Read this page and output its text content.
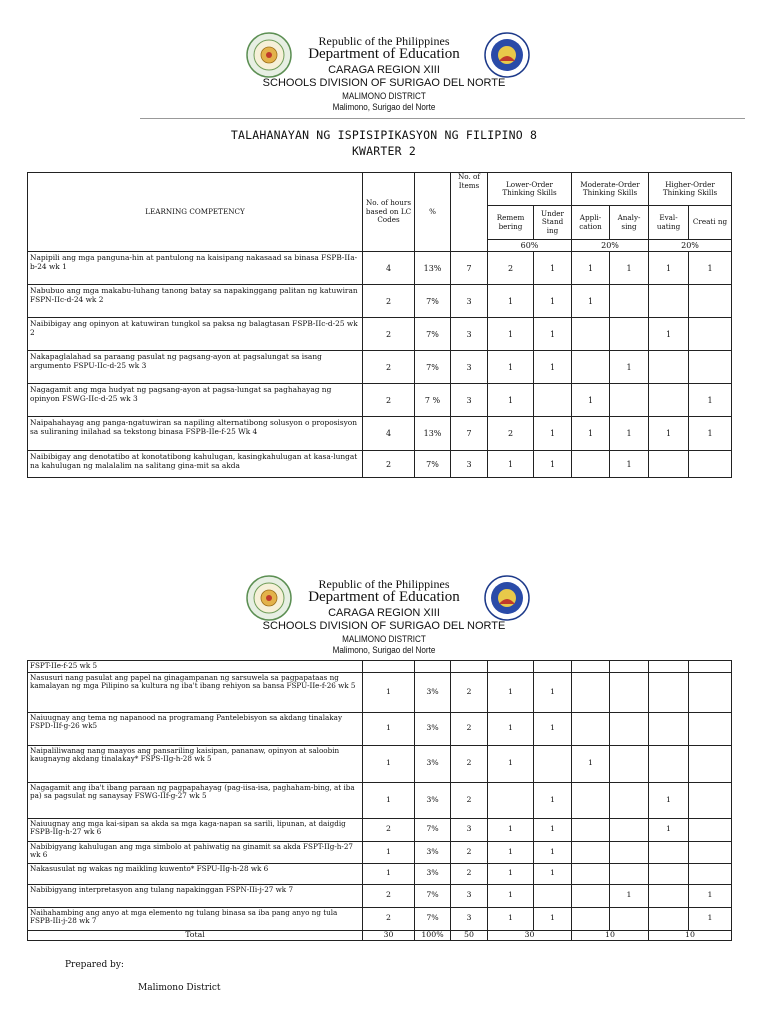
Republic of the Philippines
Department of Education
CARAGA REGION XIII
SCHOOLS DIVISION OF SURIGAO DEL NORTE
MALIMONO DISTRICT
Malimono, Surigao del Norte
TALAHANAYAN NG ISPISIPIKASYON NG FILIPINO 8
KWARTER 2
LEARNING COMPETENCY	No. of hours based on LC Codes	%	No. of Items	Lower-Order Thinking Skills		Moderate-Order Thinking Skills		Higher-Order Thinking Skills	
				Remem bering	Under Stand ing	Appli- cation	Analy- sing	Eval- uating	Creati ng
				60%		20%		20%	
Napipili ang mga panguna-hin at pantulong na kaisipang nakasaad sa binasa FSPB-IIa-b-24 wk 1	4	13%	7	2	1	1	1	1	1
Nabubuo ang mga makabu-luhang tanong batay sa napakinggang palitan ng katuwiran FSPN-IIc-d-24 wk 2	2	7%	3	1	1	1			
Naibibigay ang opinyon at katuwiran tungkol sa paksa ng balagtasan FSPB-IIc-d-25 wk 2	2	7%	3	1	1			1	
Nakapaglalahad sa paraang pasulat ng pagsang-ayon at pagsalungat sa isang argumento FSPU-IIc-d-25 wk 3	2	7%	3	1	1		1		
Nagagamit ang mga hudyat ng pagsang-ayon at pagsa-lungat sa paghahayag ng opinyon FSWG-IIc-d-25 wk 3	2	7 %	3	1		1			1
Naipahahayag ang panga-ngatuwiran sa napiling alternatibong solusyon o proposisyon sa suliraning inilahad sa tekstong binasa FSPB-IIe-f-25 Wk 4	4	13%	7	2	1	1	1	1	1
Naibibigay ang denotatibo at konotatibong kahulugan, kasingkahulugan at kasa-lungat na kahulugan ng malalalim na salitang gina-mit sa akda	2	7%	3	1	1		1		
Republic of the Philippines
Department of Education
CARAGA REGION XIII
SCHOOLS DIVISION OF SURIGAO DEL NORTE
MALIMONO DISTRICT
Malimono, Surigao del Norte
FSPT-IIe-f-25 wk 5									
Nasusuri nang pasulat ang papel na ginagampanan ng sarsuwela sa pagpapataas ng kamalayan ng mga Pilipino sa kultura ng iba't ibang rehiyon sa bansa FSPU-IIe-f-26 wk 5	1	3%	2	1	1				
Naiuugnay ang tema ng napanood na programang Pantelebisyon sa akdang tinalakay FSPD-IIf-g-26 wk5	1	3%	2	1	1				
Naipaliliwanag nang maayos ang pansariling kaisipan, pananaw, opinyon at saloobin kaugnayng akdang tinalakay* FSPS-IIg-h-28 wk 5	1	3%	2	1		1			
Nagagamit ang iba't ibang paraan ng pagpapahayag (pag-iisa-isa, paghaham-bing, at iba pa) sa pagsulat ng sanaysay FSWG-IIf-g-27 wk 5	1	3%	2		1			1	
Naiuugnay ang mga kai-sipan sa akda sa mga kaga-napan sa sarili, lipunan, at daigdig FSPB-IIg-h-27 wk 6	2	7%	3	1	1			1	
Nabibigyang kahulugan ang mga simbolo at pahiwatig na ginamit sa akda FSPT-IIg-h-27 wk 6	1	3%	2	1	1				
Nakasusulat ng wakas ng maikling kuwento* FSPU-IIg-h-28 wk 6	1	3%	2	1	1				
Nabibigyang interpretasyon ang tulang napakinggan FSPN-IIi-j-27 wk 7	2	7%	3	1			1		1
Naihahambing ang anyo at mga elemento ng tulang binasa sa iba pang anyo ng tula FSPB-IIi-j-28 wk 7	2	7%	3	1	1				1
Total	30	100%	50	30		10		10	
Prepared by:
Malimono District
